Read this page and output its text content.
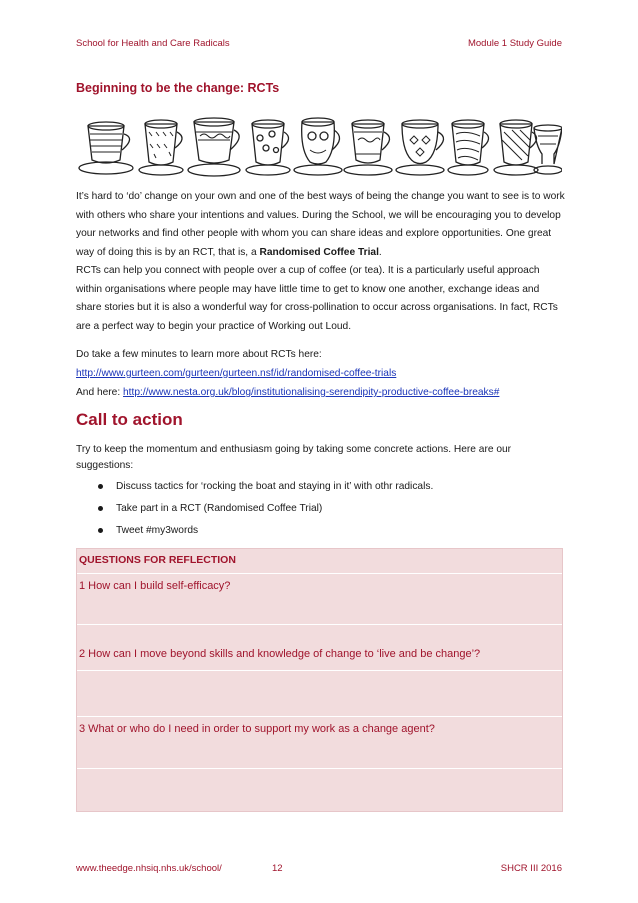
School for Health and Care Radicals	Module 1 Study Guide
Beginning to be the change: RCTs
It’s hard to ‘do’ change on your own and one of the best ways of being the change you want to see is to work with others who share your intentions and values. During the School, we will be encouraging you to develop your networks and find other people with whom you can share ideas and explore opportunities. One great way of doing this is by an RCT, that is, a Randomised Coffee Trial.
RCTs can help you connect with people over a cup of coffee (or tea). It is a particularly useful approach within organisations where people may have little time to get to know one another, exchange ideas and share stories but it is also a wonderful way for cross-pollination to occur across organisations. In fact, RCTs are a perfect way to begin your practice of Working out Loud.
Do take a few minutes to learn more about RCTs here:
http://www.gurteen.com/gurteen/gurteen.nsf/id/randomised-coffee-trials
And here: http://www.nesta.org.uk/blog/institutionalising-serendipity-productive-coffee-breaks#
Call to action
Try to keep the momentum and enthusiasm going by taking some concrete actions. Here are our suggestions:
Discuss tactics for ‘rocking the boat and staying in it’ with othr radicals.
Take part in a RCT (Randomised Coffee Trial)
Tweet #my3words
QUESTIONS FOR REFLECTION
1 How can I build self-efficacy?
2 How can I move beyond skills and knowledge of change to ‘live and be change’?
3 What or who do I need in order to support my work as a change agent?
www.theedge.nhsiq.nhs.uk/school/	12	SHCR III 2016
